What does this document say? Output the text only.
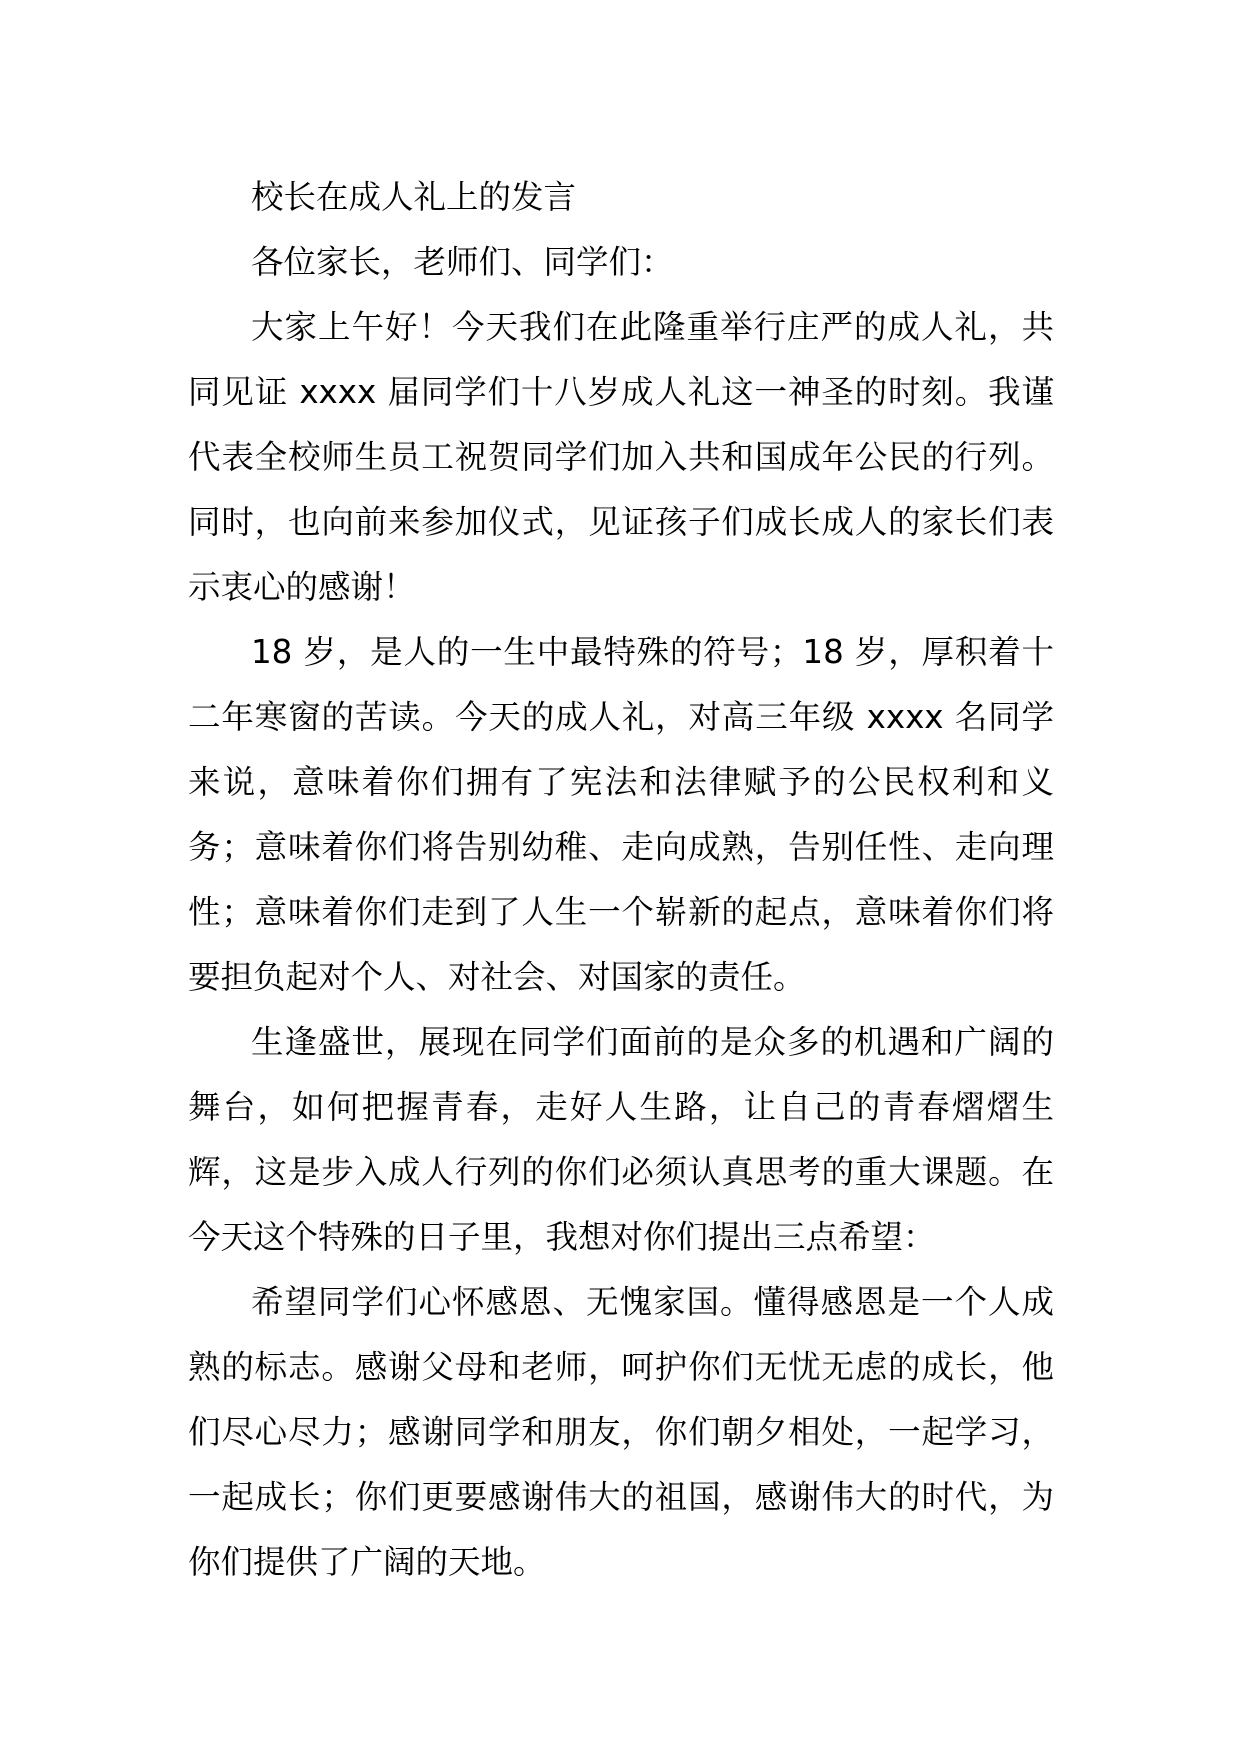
校长在成人礼上的发言

各位家长，老师们、同学们：

大家上午好！今天我们在此隆重举行庄严的成人礼，共同见证 xxxx 届同学们十八岁成人礼这一神圣的时刻。我谨代表全校师生员工祝贺同学们加入共和国成年公民的行列。同时，也向前来参加仪式，见证孩子们成长成人的家长们表示衷心的感谢！

18 岁，是人的一生中最特殊的符号；18 岁，厚积着十二年寒窗的苦读。今天的成人礼，对高三年级 xxxx 名同学来说，意味着你们拥有了宪法和法律赋予的公民权利和义务；意味着你们将告别幼稚、走向成熟，告别任性、走向理性；意味着你们走到了人生一个崭新的起点，意味着你们将要担负起对个人、对社会、对国家的责任。

生逢盛世，展现在同学们面前的是众多的机遇和广阔的舞台，如何把握青春，走好人生路，让自己的青春熠熠生辉，这是步入成人行列的你们必须认真思考的重大课题。在今天这个特殊的日子里，我想对你们提出三点希望：

希望同学们心怀感恩、无愧家国。懂得感恩是一个人成熟的标志。感谢父母和老师，呵护你们无忧无虑的成长，他们尽心尽力；感谢同学和朋友，你们朝夕相处，一起学习，一起成长；你们更要感谢伟大的祖国，感谢伟大的时代，为你们提供了广阔的天地。
